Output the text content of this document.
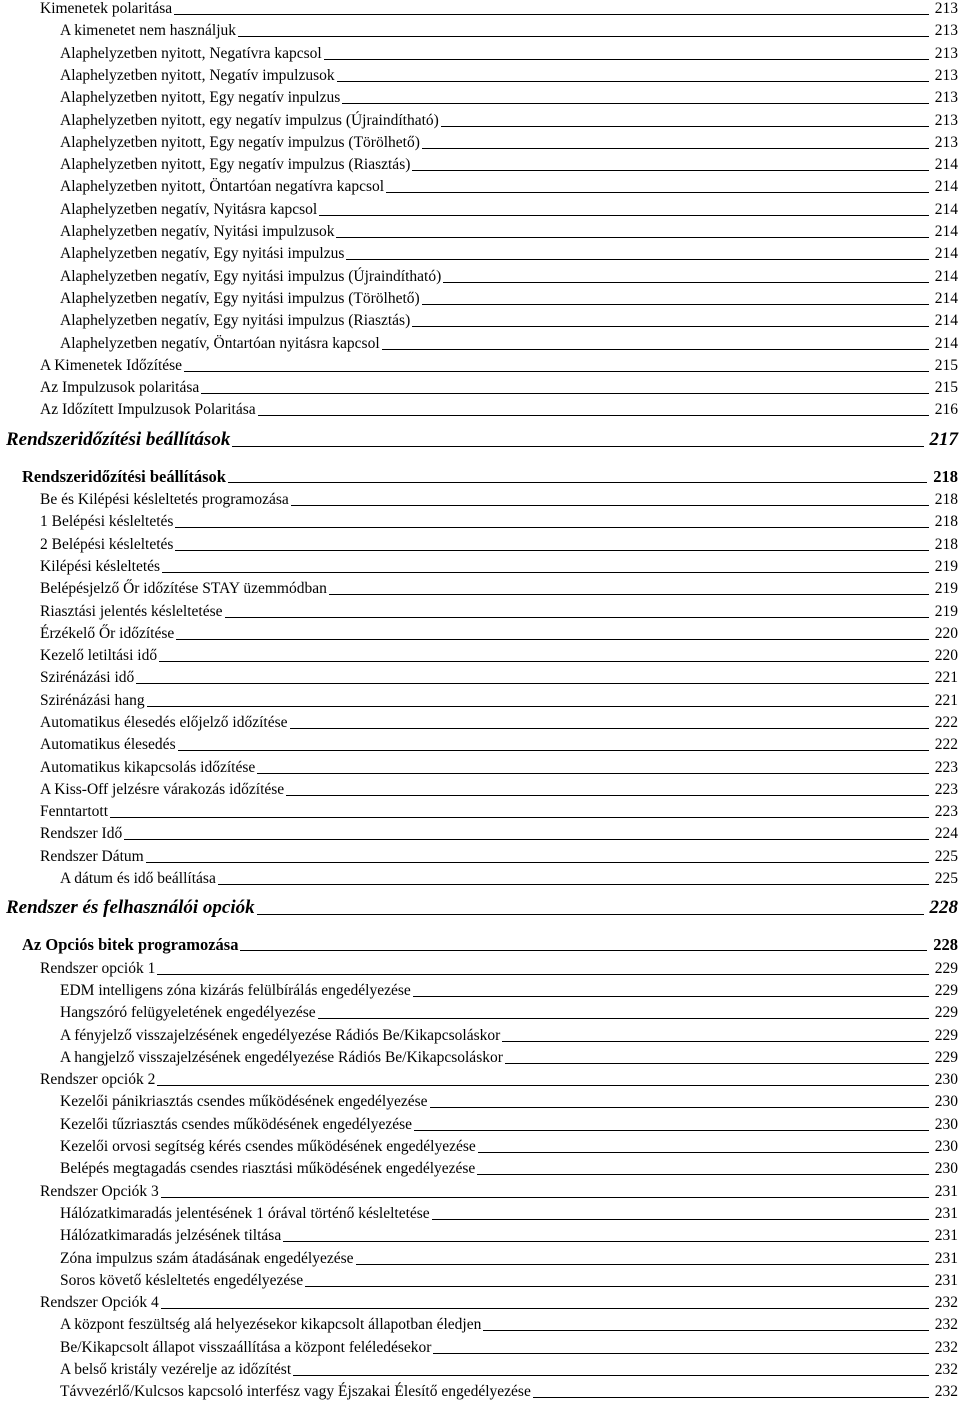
Kimenetek polaritása	213
A kimenetet nem használjuk	213
Alaphelyzetben nyitott, Negatívra kapcsol	213
Alaphelyzetben nyitott, Negatív impulzusok	213
Alaphelyzetben nyitott, Egy negatív inpulzus	213
Alaphelyzetben nyitott, egy negatív impulzus (Újraindítható)	213
Alaphelyzetben nyitott, Egy negatív impulzus (Törölhető)	213
Alaphelyzetben nyitott, Egy negatív impulzus (Riasztás)	214
Alaphelyzetben nyitott, Öntartóan negatívra kapcsol	214
Alaphelyzetben negatív, Nyitásra kapcsol	214
Alaphelyzetben negatív, Nyitási impulzusok	214
Alaphelyzetben negatív, Egy nyitási impulzus	214
Alaphelyzetben negatív, Egy nyitási impulzus (Újraindítható)	214
Alaphelyzetben negatív, Egy nyitási impulzus (Törölhető)	214
Alaphelyzetben negatív, Egy nyitási impulzus (Riasztás)	214
Alaphelyzetben negatív, Öntartóan nyitásra kapcsol	214
A Kimenetek Időzítése	215
Az Impulzusok polaritása	215
Az Időzített Impulzusok Polaritása	216
Rendszeridőzítési beállítások	217
Rendszeridőzítési beállítások	218
Be és Kilépési késleltetés programozása	218
1 Belépési késleltetés	218
2 Belépési késleltetés	218
Kilépési késleltetés	219
Belépésjelző Őr időzítése STAY üzemmódban	219
Riasztási jelentés késleltetése	219
Érzékelő Őr időzítése	220
Kezelő letiltási idő	220
Szirénázási idő	221
Szirénázási hang	221
Automatikus élesedés előjelző időzítése	222
Automatikus élesedés	222
Automatikus kikapcsolás időzítése	223
A Kiss-Off jelzésre várakozás időzítése	223
Fenntartott	223
Rendszer Idő	224
Rendszer Dátum	225
A dátum és idő beállítása	225
Rendszer és felhasználói opciók	228
Az Opciós bitek programozása	228
Rendszer opciók 1	229
EDM intelligens zóna kizárás felülbírálás engedélyezése	229
Hangszóró felügyeletének engedélyezése	229
A fényjelző visszajelzésének engedélyezése Rádiós Be/Kikapcsoláskor	229
A hangjelző visszajelzésének engedélyezése Rádiós Be/Kikapcsoláskor	229
Rendszer opciók 2	230
Kezelői pánikriasztás csendes működésének engedélyezése	230
Kezelői tűzriasztás csendes működésének engedélyezése	230
Kezelői orvosi segítség kérés csendes működésének engedélyezése	230
Belépés megtagadás csendes riasztási működésének engedélyezése	230
Rendszer Opciók 3	231
Hálózatkimaradás jelentésének 1 órával történő késleltetése	231
Hálózatkimaradás jelzésének tiltása	231
Zóna impulzus szám átadásának engedélyezése	231
Soros követő késleltetés engedélyezése	231
Rendszer Opciók 4	232
A központ feszültség alá helyezésekor kikapcsolt állapotban éledjen	232
Be/Kikapcsolt állapot visszaállítása a központ feléledésekor	232
A belső kristály vezérelje az időzítést	232
Távvezérlő/Kulcsos kapcsoló interfész vagy Éjszakai Élesítő engedélyezése	232
